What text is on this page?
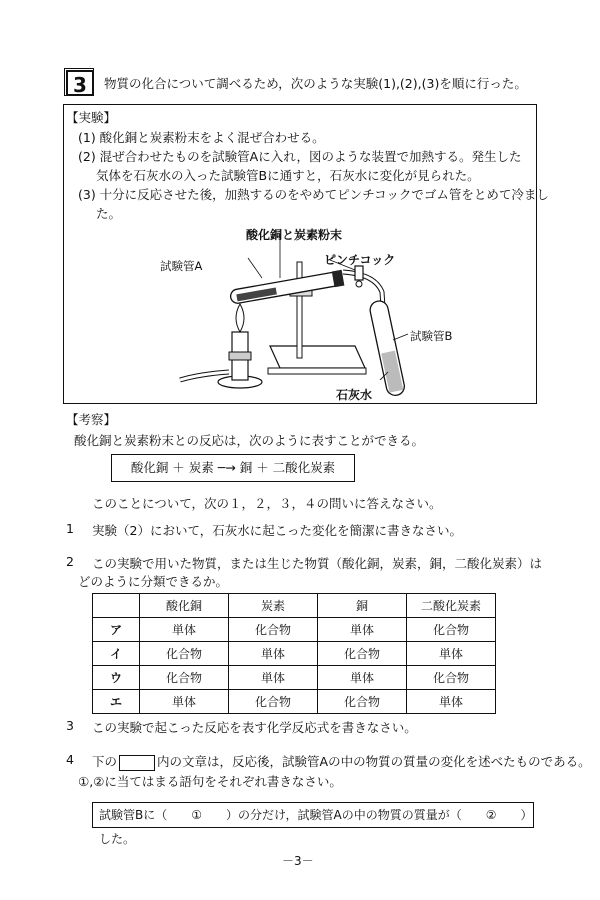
3	物質の化合について調べるため，次のような実験(1),(2),(3)を順に行った。
【実験】
(1) 酸化銅と炭素粉末をよく混ぜ合わせる。
(2) 混ぜ合わせたものを試験管Aに入れ，図のような装置で加熱する。発生した
気体を石灰水の入った試験管Bに通すと，石灰水に変化が見られた。
(3) 十分に反応させた後，加熱するのをやめてピンチコックでゴム管をとめて冷まし
た。
酸化銅と炭素粉末
試験管A	ピンチコック
試験管B
石灰水
【考察】
酸化銅と炭素粉末との反応は，次のように表すことができる。
酸化銅 ＋ 炭素 ─→ 銅 ＋ 二酸化炭素
このことについて，次の１，２，３，４の問いに答えなさい。
1 実験（2）において，石灰水に起こった変化を簡潔に書きなさい。
2 この実験で用いた物質，または生じた物質（酸化銅，炭素，銅，二酸化炭素）は
どのように分類できるか。
	酸化銅	炭素	銅	二酸化炭素
ア	単体	化合物	単体	化合物
イ	化合物	単体	化合物	単体
ウ	化合物	単体	単体	化合物
エ	単体	化合物	化合物	単体
3 この実験で起こった反応を表す化学反応式を書きなさい。
4 下の	内の文章は，反応後，試験管Aの中の物質の質量の変化を述べたものである。
①,②に当てはまる語句をそれぞれ書きなさい。
試験管Bに（　　①　　）の分だけ，試験管Aの中の物質の質量が（　　②　　）した。
－3－
